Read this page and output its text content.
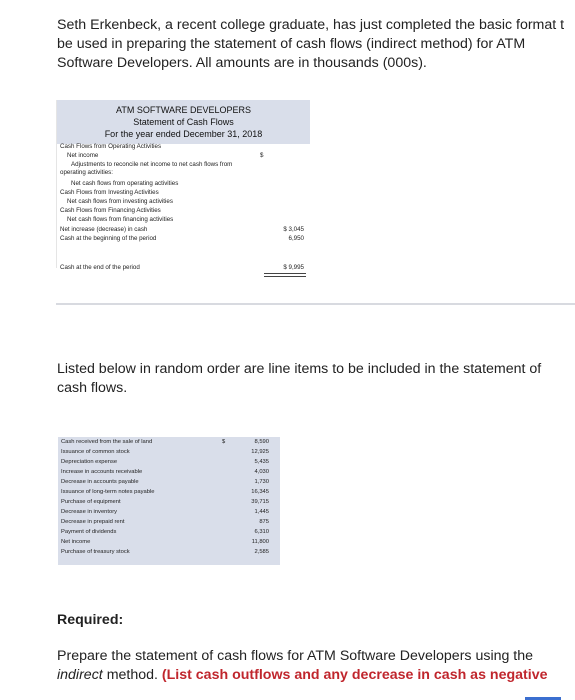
Seth Erkenbeck, a recent college graduate, has just completed the basic format t
be used in preparing the statement of cash flows (indirect method) for ATM
Software Developers. All amounts are in thousands (000s).
ATM SOFTWARE DEVELOPERS
Statement of Cash Flows
For the year ended December 31, 2018
Cash Flows from Operating Activities
Net income	$
Adjustments to reconcile net income to net cash flows from
operating activities:
Net cash flows from operating activities
Cash Flows from Investing Activities
Net cash flows from investing activities
Cash Flows from Financing Activities
Net cash flows from financing activities
Net increase (decrease) in cash	$ 3,045
Cash at the beginning of the period	6,950
Cash at the end of the period	$ 9,995
Listed below in random order are line items to be included in the statement of
cash flows.
$
Cash received from the sale of land	8,590
Issuance of common stock	12,925
Depreciation expense	5,435
Increase in accounts receivable	4,030
Decrease in accounts payable	1,730
Issuance of long-term notes payable	16,345
Purchase of equipment	39,715
Decrease in inventory	1,445
Decrease in prepaid rent	875
Payment of dividends	6,310
Net income	11,800
Purchase of treasury stock	2,585
Required:
Prepare the statement of cash flows for ATM Software Developers using the
indirect method. (List cash outflows and any decrease in cash as negative
